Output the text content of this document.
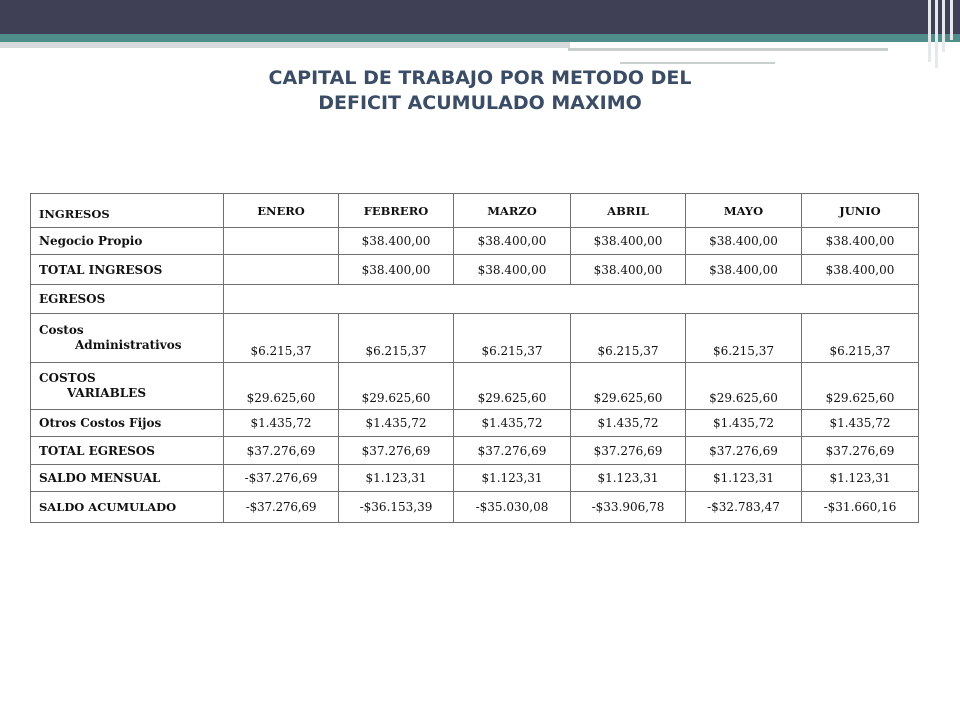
CAPITAL DE TRABAJO POR METODO DEL
DEFICIT ACUMULADO MAXIMO
INGRESOS	ENERO	FEBRERO	MARZO	ABRIL	MAYO	JUNIO
Negocio Propio		$38.400,00	$38.400,00	$38.400,00	$38.400,00	$38.400,00
TOTAL INGRESOS		$38.400,00	$38.400,00	$38.400,00	$38.400,00	$38.400,00
EGRESOS						
Costos
Administrativos	$6.215,37	$6.215,37	$6.215,37	$6.215,37	$6.215,37	$6.215,37
COSTOS
VARIABLES	$29.625,60	$29.625,60	$29.625,60	$29.625,60	$29.625,60	$29.625,60
Otros Costos Fijos	$1.435,72	$1.435,72	$1.435,72	$1.435,72	$1.435,72	$1.435,72
TOTAL EGRESOS	$37.276,69	$37.276,69	$37.276,69	$37.276,69	$37.276,69	$37.276,69
SALDO MENSUAL	-$37.276,69	$1.123,31	$1.123,31	$1.123,31	$1.123,31	$1.123,31
SALDO ACUMULADO	-$37.276,69	-$36.153,39	-$35.030,08	-$33.906,78	-$32.783,47	-$31.660,16
